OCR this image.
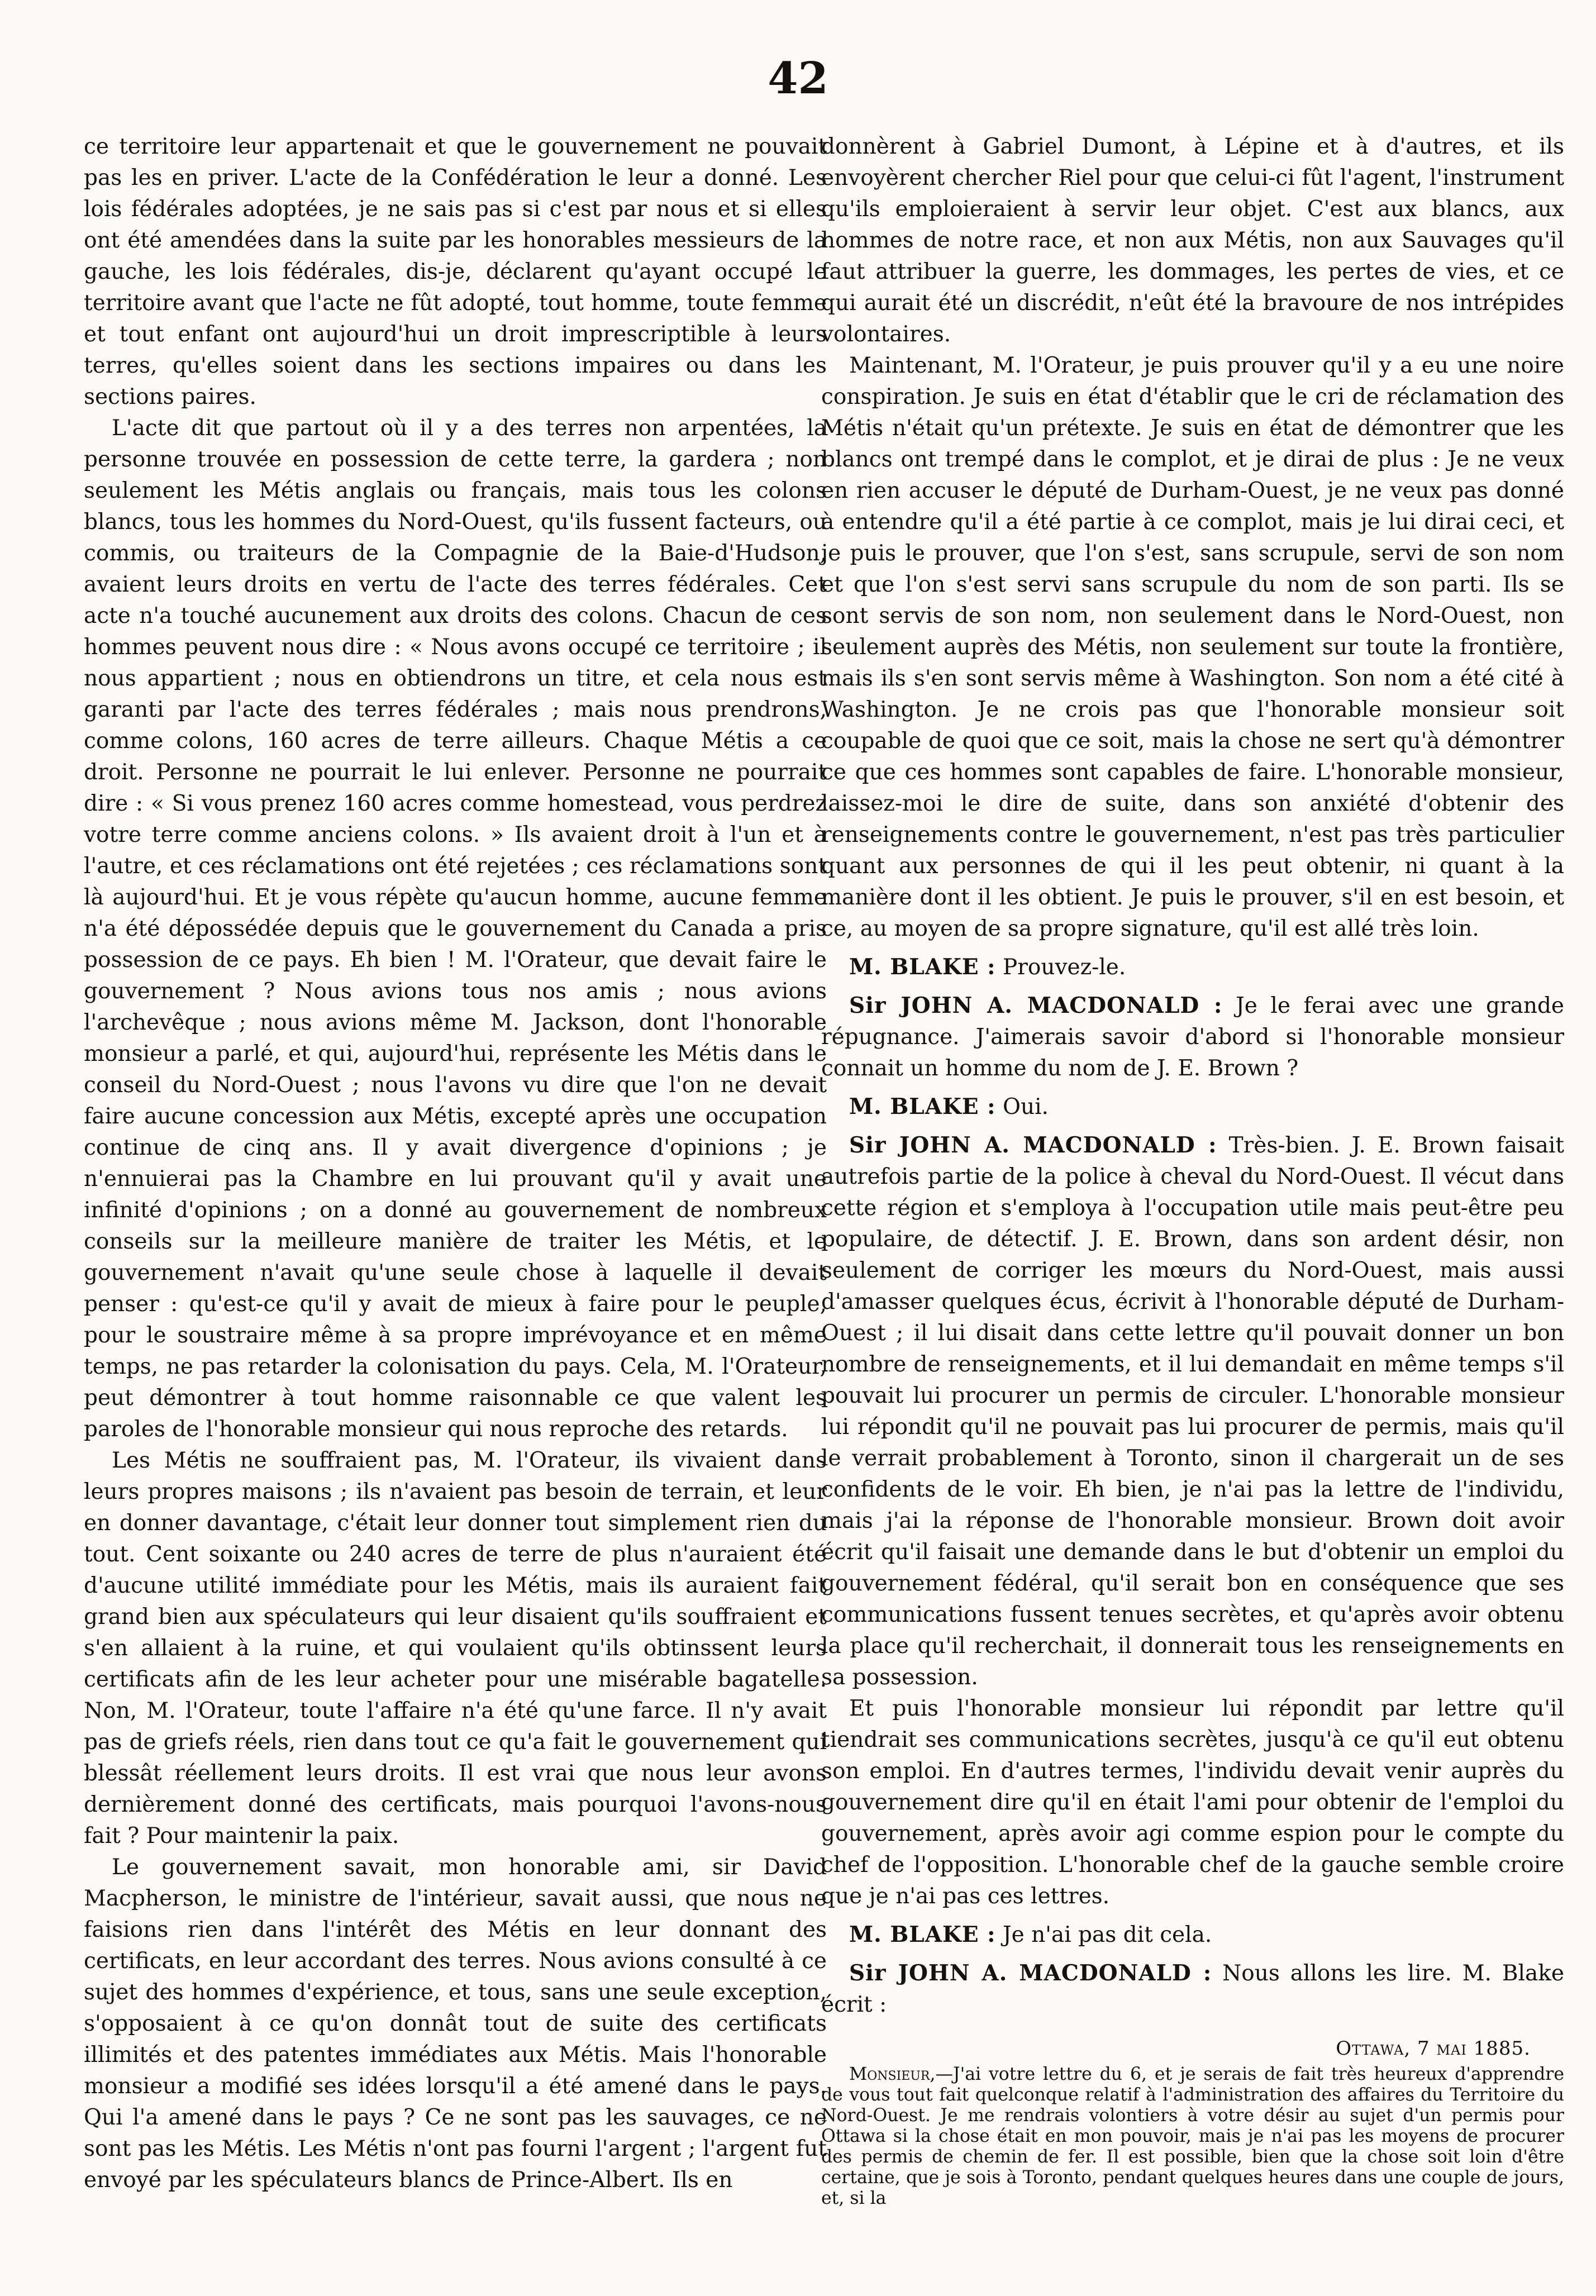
42

ce territoire leur appartenait et que le gouvernement ne pouvait pas les en priver. L'acte de la Confédération le leur a donné. Les lois fédérales adoptées, je ne sais pas si c'est par nous et si elles ont été amendées dans la suite par les honorables messieurs de la gauche, les lois fédérales, dis-je, déclarent qu'ayant occupé le territoire avant que l'acte ne fût adopté, tout homme, toute femme et tout enfant ont aujourd'hui un droit imprescriptible à leurs terres, qu'elles soient dans les sections impaires ou dans les sections paires.

L'acte dit que partout où il y a des terres non arpentées, la personne trouvée en possession de cette terre, la gardera ; non seulement les Métis anglais ou français, mais tous les colons blancs, tous les hommes du Nord-Ouest, qu'ils fussent facteurs, ou commis, ou traiteurs de la Compagnie de la Baie-d'Hudson, avaient leurs droits en vertu de l'acte des terres fédérales. Cet acte n'a touché aucunement aux droits des colons. Chacun de ces hommes peuvent nous dire : « Nous avons occupé ce territoire ; il nous appartient ; nous en obtiendrons un titre, et cela nous est garanti par l'acte des terres fédérales ; mais nous prendrons, comme colons, 160 acres de terre ailleurs. Chaque Métis a ce droit. Personne ne pourrait le lui enlever. Personne ne pourrait dire : « Si vous prenez 160 acres comme homestead, vous perdrez votre terre comme anciens colons. » Ils avaient droit à l'un et à l'autre, et ces réclamations ont été rejetées ; ces réclamations sont là aujourd'hui. Et je vous répète qu'aucun homme, aucune femme n'a été dépossédée depuis que le gouvernement du Canada a pris possession de ce pays. Eh bien ! M. l'Orateur, que devait faire le gouvernement ? Nous avions tous nos amis ; nous avions l'archevêque ; nous avions même M. Jackson, dont l'honorable monsieur a parlé, et qui, aujourd'hui, représente les Métis dans le conseil du Nord-Ouest ; nous l'avons vu dire que l'on ne devait faire aucune concession aux Métis, excepté après une occupation continue de cinq ans. Il y avait divergence d'opinions ; je n'ennuierai pas la Chambre en lui prouvant qu'il y avait une infinité d'opinions ; on a donné au gouvernement de nombreux conseils sur la meilleure manière de traiter les Métis, et le gouvernement n'avait qu'une seule chose à laquelle il devait penser : qu'est-ce qu'il y avait de mieux à faire pour le peuple, pour le soustraire même à sa propre imprévoyance et en même temps, ne pas retarder la colonisation du pays. Cela, M. l'Orateur, peut démontrer à tout homme raisonnable ce que valent les paroles de l'honorable monsieur qui nous reproche des retards.

Les Métis ne souffraient pas, M. l'Orateur, ils vivaient dans leurs propres maisons ; ils n'avaient pas besoin de terrain, et leur en donner davantage, c'était leur donner tout simplement rien du tout. Cent soixante ou 240 acres de terre de plus n'auraient été d'aucune utilité immédiate pour les Métis, mais ils auraient fait grand bien aux spéculateurs qui leur disaient qu'ils souffraient et s'en allaient à la ruine, et qui voulaient qu'ils obtinssent leurs certificats afin de les leur acheter pour une misérable bagatelle. Non, M. l'Orateur, toute l'affaire n'a été qu'une farce. Il n'y avait pas de griefs réels, rien dans tout ce qu'a fait le gouvernement qui blessât réellement leurs droits. Il est vrai que nous leur avons dernièrement donné des certificats, mais pourquoi l'avons-nous fait ? Pour maintenir la paix.

Le gouvernement savait, mon honorable ami, sir David Macpherson, le ministre de l'intérieur, savait aussi, que nous ne faisions rien dans l'intérêt des Métis en leur donnant des certificats, en leur accordant des terres. Nous avions consulté à ce sujet des hommes d'expérience, et tous, sans une seule exception, s'opposaient à ce qu'on donnât tout de suite des certificats illimités et des patentes immédiates aux Métis. Mais l'honorable monsieur a modifié ses idées lorsqu'il a été amené dans le pays. Qui l'a amené dans le pays ? Ce ne sont pas les sauvages, ce ne sont pas les Métis. Les Métis n'ont pas fourni l'argent ; l'argent fut envoyé par les spéculateurs blancs de Prince-Albert. Ils en

donnèrent à Gabriel Dumont, à Lépine et à d'autres, et ils envoyèrent chercher Riel pour que celui-ci fût l'agent, l'instrument qu'ils emploieraient à servir leur objet. C'est aux blancs, aux hommes de notre race, et non aux Métis, non aux Sauvages qu'il faut attribuer la guerre, les dommages, les pertes de vies, et ce qui aurait été un discrédit, n'eût été la bravoure de nos intrépides volontaires.

Maintenant, M. l'Orateur, je puis prouver qu'il y a eu une noire conspiration. Je suis en état d'établir que le cri de réclamation des Métis n'était qu'un prétexte. Je suis en état de démontrer que les blancs ont trempé dans le complot, et je dirai de plus : Je ne veux en rien accuser le député de Durham-Ouest, je ne veux pas donné à entendre qu'il a été partie à ce complot, mais je lui dirai ceci, et je puis le prouver, que l'on s'est, sans scrupule, servi de son nom et que l'on s'est servi sans scrupule du nom de son parti. Ils se sont servis de son nom, non seulement dans le Nord-Ouest, non seulement auprès des Métis, non seulement sur toute la frontière, mais ils s'en sont servis même à Washington. Son nom a été cité à Washington. Je ne crois pas que l'honorable monsieur soit coupable de quoi que ce soit, mais la chose ne sert qu'à démontrer ce que ces hommes sont capables de faire. L'honorable monsieur, laissez-moi le dire de suite, dans son anxiété d'obtenir des renseignements contre le gouvernement, n'est pas très particulier quant aux personnes de qui il les peut obtenir, ni quant à la manière dont il les obtient. Je puis le prouver, s'il en est besoin, et ce, au moyen de sa propre signature, qu'il est allé très loin.

M. BLAKE : Prouvez-le.

Sir JOHN A. MACDONALD : Je le ferai avec une grande répugnance. J'aimerais savoir d'abord si l'honorable monsieur connait un homme du nom de J. E. Brown ?

M. BLAKE : Oui.

Sir JOHN A. MACDONALD : Très-bien. J. E. Brown faisait autrefois partie de la police à cheval du Nord-Ouest. Il vécut dans cette région et s'employa à l'occupation utile mais peut-être peu populaire, de détectif. J. E. Brown, dans son ardent désir, non seulement de corriger les mœurs du Nord-Ouest, mais aussi d'amasser quelques écus, écrivit à l'honorable député de Durham-Ouest ; il lui disait dans cette lettre qu'il pouvait donner un bon nombre de renseignements, et il lui demandait en même temps s'il pouvait lui procurer un permis de circuler. L'honorable monsieur lui répondit qu'il ne pouvait pas lui procurer de permis, mais qu'il le verrait probablement à Toronto, sinon il chargerait un de ses confidents de le voir. Eh bien, je n'ai pas la lettre de l'individu, mais j'ai la réponse de l'honorable monsieur. Brown doit avoir écrit qu'il faisait une demande dans le but d'obtenir un emploi du gouvernement fédéral, qu'il serait bon en conséquence que ses communications fussent tenues secrètes, et qu'après avoir obtenu la place qu'il recherchait, il donnerait tous les renseignements en sa possession.

Et puis l'honorable monsieur lui répondit par lettre qu'il tiendrait ses communications secrètes, jusqu'à ce qu'il eut obtenu son emploi. En d'autres termes, l'individu devait venir auprès du gouvernement dire qu'il en était l'ami pour obtenir de l'emploi du gouvernement, après avoir agi comme espion pour le compte du chef de l'opposition. L'honorable chef de la gauche semble croire que je n'ai pas ces lettres.

M. BLAKE : Je n'ai pas dit cela.

Sir JOHN A. MACDONALD : Nous allons les lire. M. Blake écrit :

Ottawa, 7 mai 1885.

Monsieur,—J'ai votre lettre du 6, et je serais de fait très heureux d'apprendre de vous tout fait quelconque relatif à l'administration des affaires du Territoire du Nord-Ouest. Je me rendrais volontiers à votre désir au sujet d'un permis pour Ottawa si la chose était en mon pouvoir, mais je n'ai pas les moyens de procurer des permis de chemin de fer. Il est possible, bien que la chose soit loin d'être certaine, que je sois à Toronto, pendant quelques heures dans une couple de jours, et, si la
